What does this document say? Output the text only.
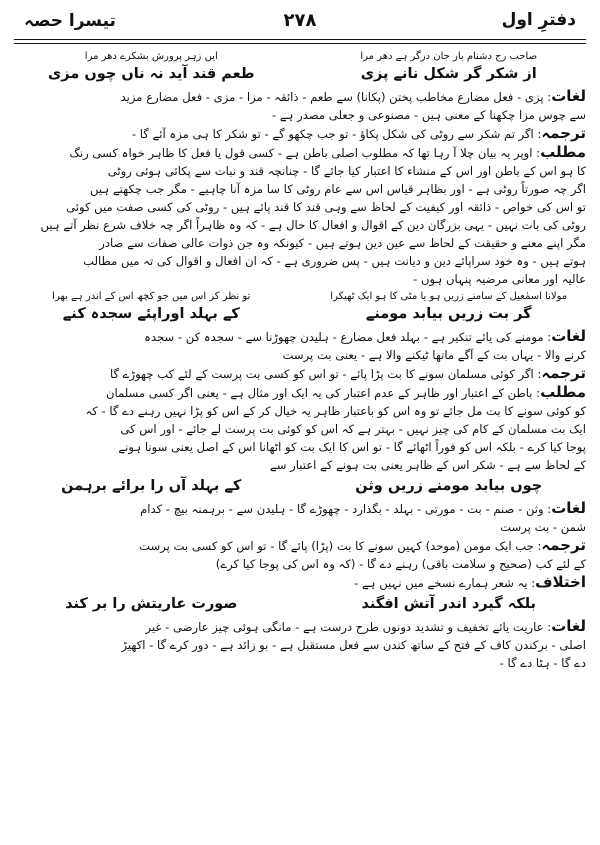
دفترِ اول
۲۷۸
تیسرا حصہ
صاحب رج دشنام بار جان درگر ہے دھر مرا
از شکر گر شکل نانے پزی
ایں زہر پرورش بشکرے دھر مرا
طعم قند آید نہ ناں چوں مزی

لغات: پزی - فعل مضارع مخاطب پختن (پکانا) سے طعم - ذائقہ - مزا - مزی - فعل مضارع مزید

سے چوس مزا چکھنا کے معنی ہیں - مصنوعی و جعلی مصدر ہے -

ترجمہ: اگر تم شکر سے روٹی کی شکل پکاؤ - تو جب چکھو گے - تو شکر کا ہی مزہ آئے گا -

مطلب: اوپر یہ بیان چلا آ رہا تھا کہ مطلوب اصلی باطن ہے - کسی قول یا فعل کا ظاہر خواہ کسی رنگ

کا ہو اس کے باطن اور اس کے منشاء کا اعتبار کیا جائے گا - چنانچہ قند و نبات سے پکائی ہوئی روٹی

اگر چہ صورتاً روٹی ہے - اور بظاہر قیاس اس سے عام روٹی کا سا مزہ آنا چاہیے - مگر جب چکھتے ہیں

تو اس کی خواص - ذائقہ اور کیفیت کے لحاظ سے وہی قند کا قند پائے ہیں - روٹی کی کسی صفت میں کوئی

روٹی کی بات نہیں - یہی بزرگان دین کے اقوال و افعال کا حال ہے - کہ وہ ظاہراً اگر چہ خلاف شرع نظر آتے ہیں

مگر اپنے معنے و حقیقت کے لحاظ سے عین دین ہوتے ہیں - کیونکہ وہ جن ذوات عالی صفات سے صادر

ہوتے ہیں - وہ خود سراپائے دین و دیانت ہیں - پس ضروری ہے - کہ ان افعال و اقوال کی تہ میں مطالب

عالیہ اور معانی مرضیہ پنہاں ہوں -

مولانا اسمٰعیل کے سامنے زریں ہو یا مٹی کا ہو ایک ٹھیکرا
گر بت زریں بیابد مومنے
تو نظر کر اس میں جو کچھ اس کے اندر ہے بھرا
کے بہلد اوراپئے سجدہ کنے

لغات: مومنے کی یائے تنکیر ہے - بہلد فعل مضارع - ہلیدن چھوڑنا سے - سجدہ کن - سجدہ

کرنے والا - یہاں بت کے آگے ماتھا ٹیکنے والا ہے - یعنی بت پرست

ترجمہ: اگر کوئی مسلمان سونے کا بت پڑا پائے - تو اس کو کسی بت پرست کے لئے کب چھوڑے گا

مطلب: باطن کے اعتبار اور ظاہر کے عدم اعتبار کی یہ ایک اور مثال ہے - یعنی اگر کسی مسلمان

کو کوئی سونے کا بت مل جائے تو وہ اس کو باعتبار ظاہر یہ خیال کر کے اس کو پڑا نہیں رہنے دے گا - کہ

ایک بت مسلمان کے کام کی چیز نہیں - بہتر ہے کہ اس کو کوئی بت پرست لے جائے - اور اس کی

پوجا کیا کرے - بلکہ اس کو فوراً اٹھائے گا - تو اس کا ایک بت کو اٹھانا اس کے اصل یعنی سونا ہونے

کے لحاظ سے ہے - شکر اس کے ظاہر یعنی بت ہونے کے اعتبار سے

چوں بیابد مومنے زریں وثن
کے بہلد آں را برائے برہمن

لغات: وثن - صنم - بت - مورتی - بہلد - بگذارد - چھوڑے گا - ہلیدن سے - برہمنہ بیچ - کدام

شمن - بت پرست

ترجمہ: جب ایک مومن (موحد) کہیں سونے کا بت (پڑا) پائے گا - تو اس کو کسی بت پرست

کے لئے کب (صحیح و سلامت باقی) رہنے دے گا - (کہ وہ اس کی پوجا کیا کرے)

اختلاف: یہ شعر ہمارے نسخے میں نہیں ہے -

بلکہ گیرد اندر آتش افگند
صورت عاریتش را بر کند

لغات: عاریت یائے تخفیف و تشدید دونوں طرح درست ہے - مانگی ہوئی چیز عارضی - غیر

اصلی - برکندن کاف کے فتح کے ساتھ کندن سے فعل مستقبل ہے - بو زائد ہے - دور کرے گا - اکھیڑ

دے گا - ہٹا دے گا -
